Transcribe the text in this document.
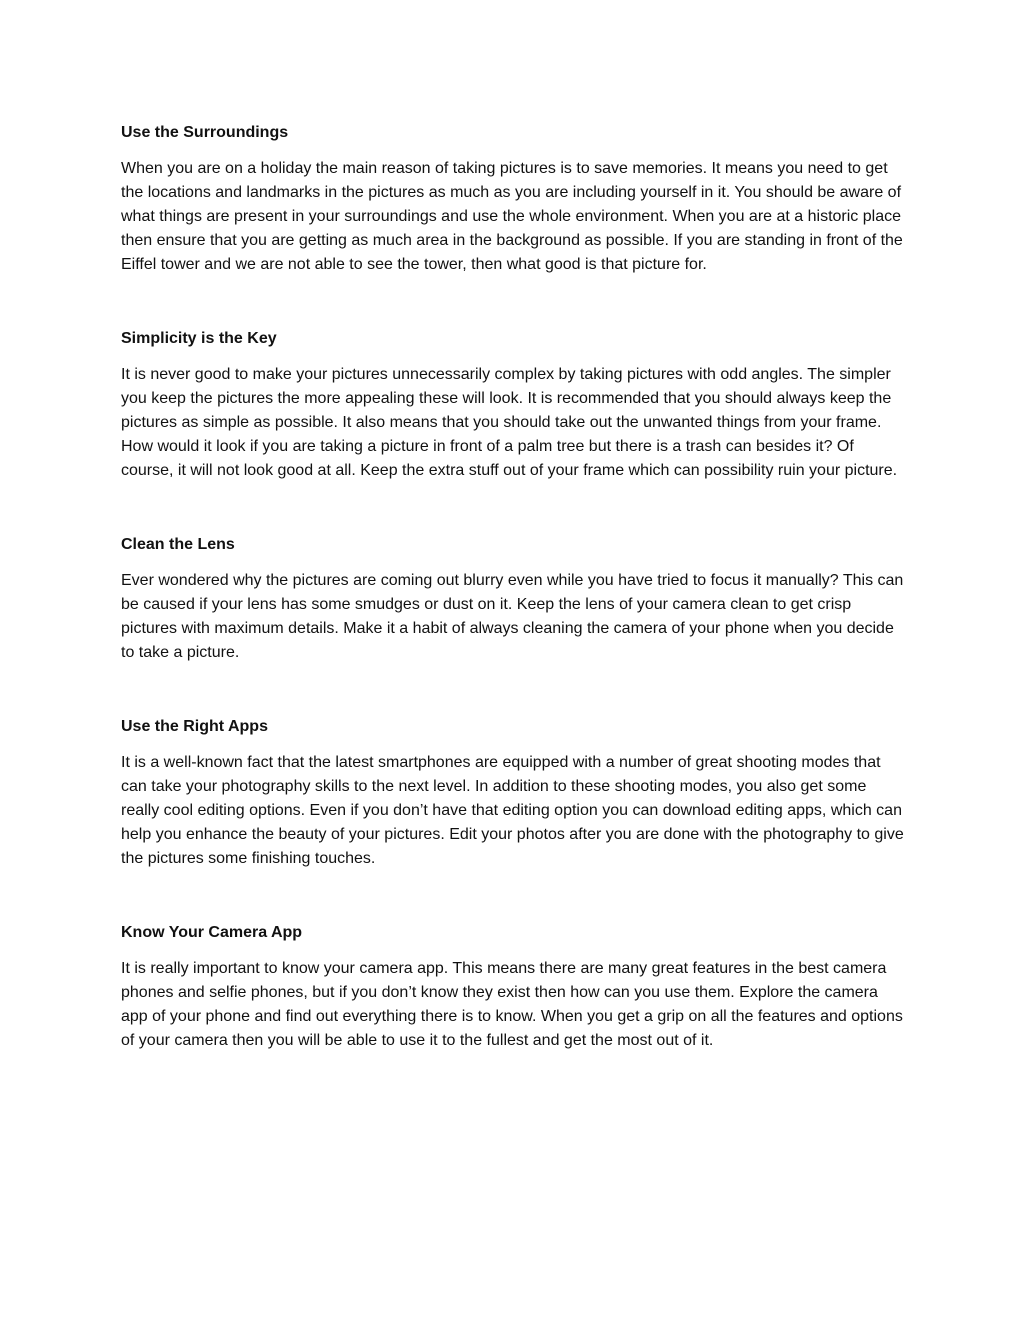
Use the Surroundings

When you are on a holiday the main reason of taking pictures is to save memories. It means you need to get the locations and landmarks in the pictures as much as you are including yourself in it. You should be aware of what things are present in your surroundings and use the whole environment. When you are at a historic place then ensure that you are getting as much area in the background as possible. If you are standing in front of the Eiffel tower and we are not able to see the tower, then what good is that picture for.

Simplicity is the Key

It is never good to make your pictures unnecessarily complex by taking pictures with odd angles. The simpler you keep the pictures the more appealing these will look. It is recommended that you should always keep the pictures as simple as possible. It also means that you should take out the unwanted things from your frame. How would it look if you are taking a picture in front of a palm tree but there is a trash can besides it? Of course, it will not look good at all. Keep the extra stuff out of your frame which can possibility ruin your picture.

Clean the Lens

Ever wondered why the pictures are coming out blurry even while you have tried to focus it manually? This can be caused if your lens has some smudges or dust on it. Keep the lens of your camera clean to get crisp pictures with maximum details. Make it a habit of always cleaning the camera of your phone when you decide to take a picture.

Use the Right Apps

It is a well-known fact that the latest smartphones are equipped with a number of great shooting modes that can take your photography skills to the next level. In addition to these shooting modes, you also get some really cool editing options. Even if you don’t have that editing option you can download editing apps, which can help you enhance the beauty of your pictures. Edit your photos after you are done with the photography to give the pictures some finishing touches.

Know Your Camera App

It is really important to know your camera app. This means there are many great features in the best camera phones and selfie phones, but if you don’t know they exist then how can you use them. Explore the camera app of your phone and find out everything there is to know. When you get a grip on all the features and options of your camera then you will be able to use it to the fullest and get the most out of it.
